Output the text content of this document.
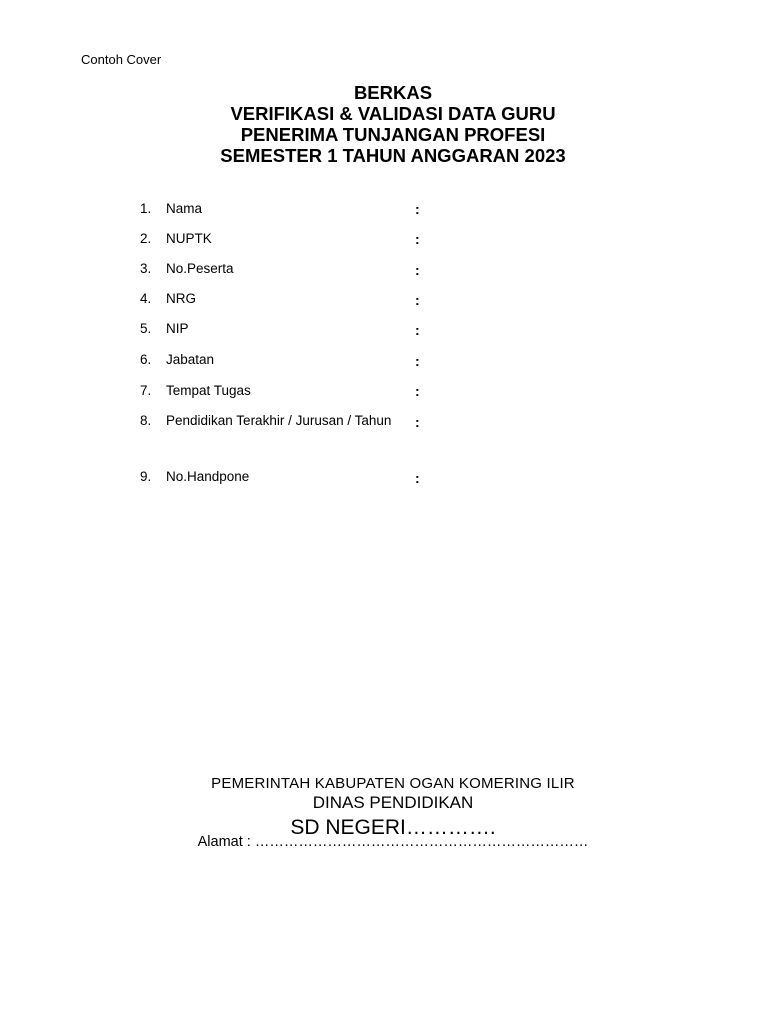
Contoh Cover
BERKAS
VERIFIKASI & VALIDASI DATA GURU
PENERIMA TUNJANGAN PROFESI
SEMESTER 1 TAHUN ANGGARAN 2023
1. Nama	:
2. NUPTK	:
3. No.Peserta	:
4. NRG	:
5. NIP	:
6. Jabatan	:
7. Tempat Tugas	:
8. Pendidikan Terakhir / Jurusan / Tahun	:
9. No.Handpone	:
PEMERINTAH KABUPATEN OGAN KOMERING ILIR
DINAS PENDIDIKAN
SD NEGERI………….
Alamat : ……………………………………………………………
